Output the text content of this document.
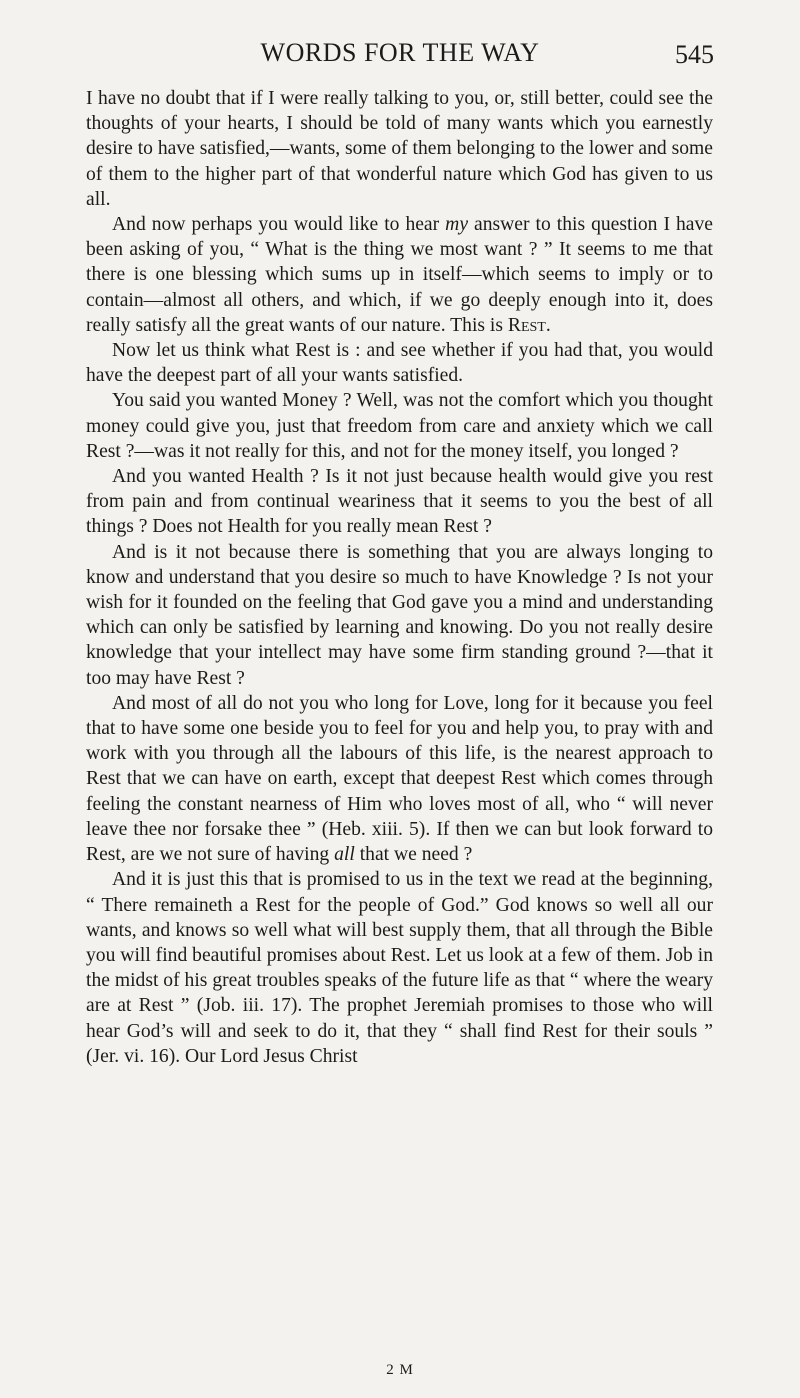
WORDS FOR THE WAY	545

I have no doubt that if I were really talking to you, or, still better, could see the thoughts of your hearts, I should be told of many wants which you earnestly desire to have satisfied,—wants, some of them belonging to the lower and some of them to the higher part of that wonderful nature which God has given to us all.

And now perhaps you would like to hear my answer to this question I have been asking of you, “ What is the thing we most want ? ” It seems to me that there is one blessing which sums up in itself—which seems to imply or to contain—almost all others, and which, if we go deeply enough into it, does really satisfy all the great wants of our nature. This is Rest.

Now let us think what Rest is : and see whether if you had that, you would have the deepest part of all your wants satisfied.

You said you wanted Money ? Well, was not the comfort which you thought money could give you, just that freedom from care and anxiety which we call Rest ?—was it not really for this, and not for the money itself, you longed ?

And you wanted Health ? Is it not just because health would give you rest from pain and from continual weariness that it seems to you the best of all things ? Does not Health for you really mean Rest ?

And is it not because there is something that you are always longing to know and understand that you desire so much to have Knowledge ? Is not your wish for it founded on the feeling that God gave you a mind and understanding which can only be satisfied by learning and knowing. Do you not really desire knowledge that your intellect may have some firm standing ground ?—that it too may have Rest ?

And most of all do not you who long for Love, long for it because you feel that to have some one beside you to feel for you and help you, to pray with and work with you through all the labours of this life, is the nearest approach to Rest that we can have on earth, except that deepest Rest which comes through feeling the constant nearness of Him who loves most of all, who “ will never leave thee nor forsake thee ” (Heb. xiii. 5). If then we can but look forward to Rest, are we not sure of having all that we need ?

And it is just this that is promised to us in the text we read at the beginning, “ There remaineth a Rest for the people of God.” God knows so well all our wants, and knows so well what will best supply them, that all through the Bible you will find beautiful promises about Rest. Let us look at a few of them. Job in the midst of his great troubles speaks of the future life as that “ where the weary are at Rest ” (Job. iii. 17). The prophet Jeremiah promises to those who will hear God’s will and seek to do it, that they “ shall find Rest for their souls ” (Jer. vi. 16). Our Lord Jesus Christ

2 M
